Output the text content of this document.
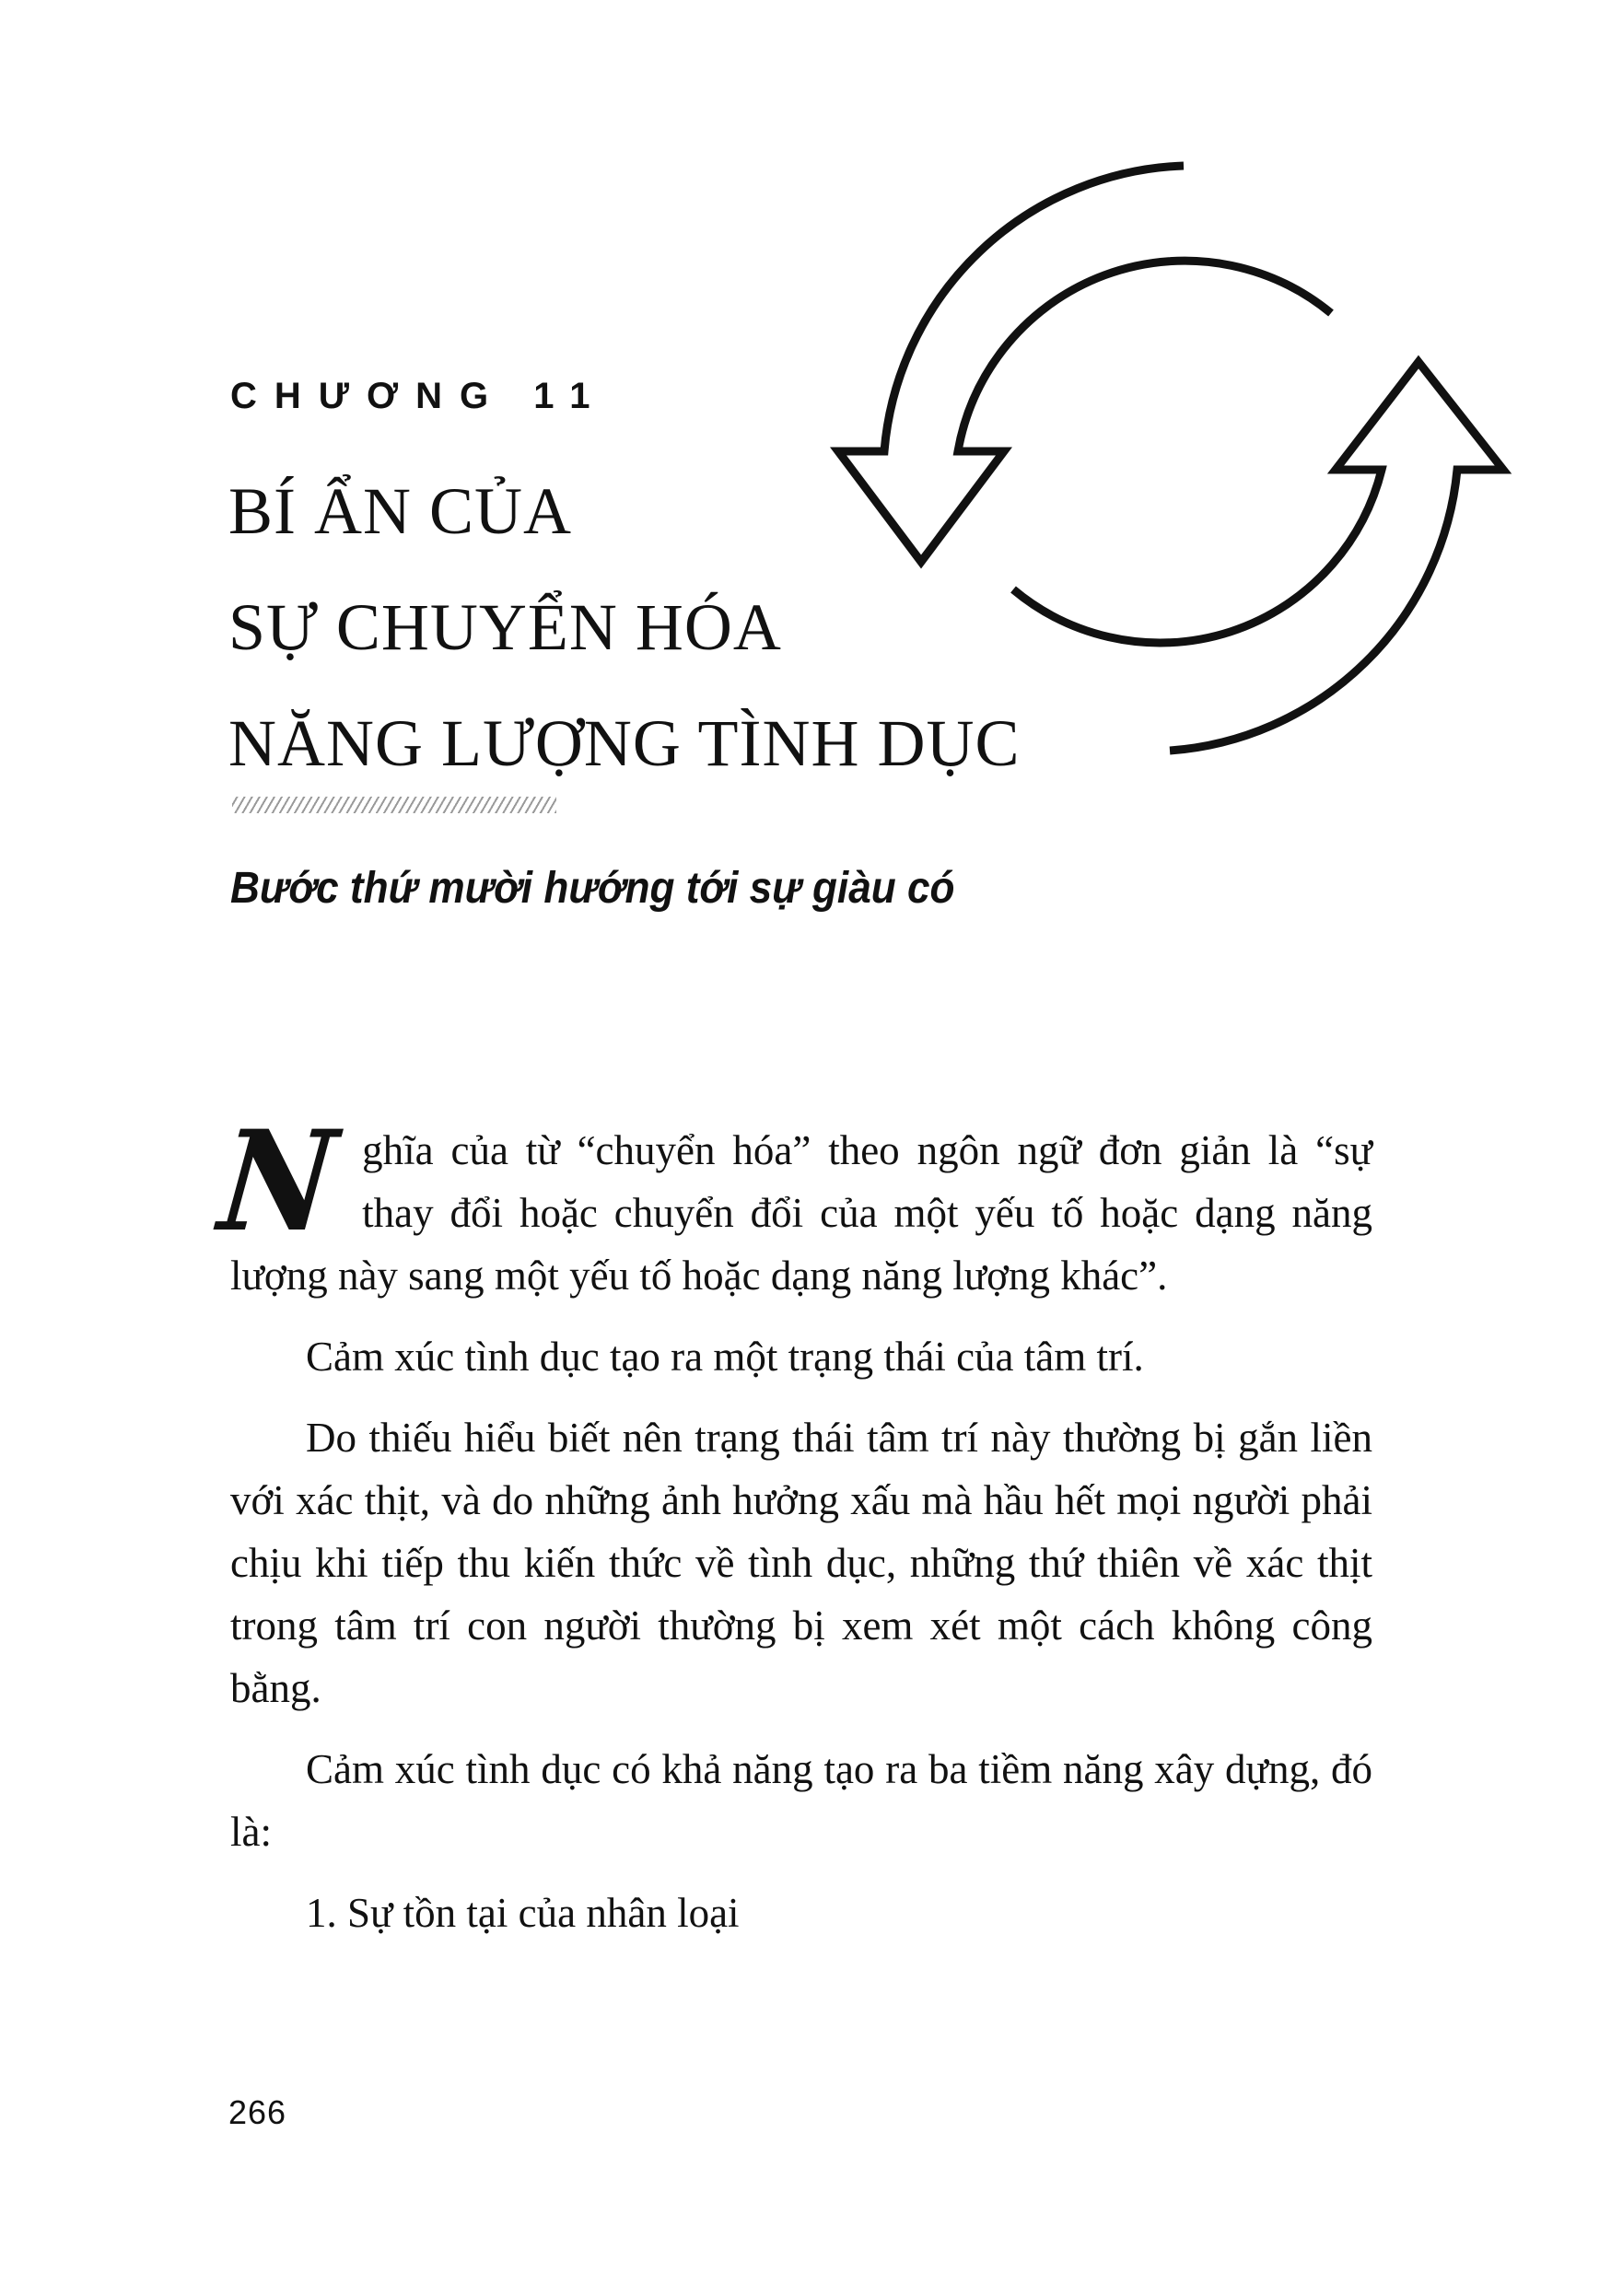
CHƯƠNG 11
BÍ ẨN CỦA
SỰ CHUYỂN HÓA
NĂNG LƯỢNG TÌNH DỤC
Bước thứ mười hướng tới sự giàu có

Nghĩa của từ “chuyển hóa” theo ngôn ngữ đơn giản là “sự thay đổi hoặc chuyển đổi của một yếu tố hoặc dạng năng lượng này sang một yếu tố hoặc dạng năng lượng khác”.

Cảm xúc tình dục tạo ra một trạng thái của tâm trí.

Do thiếu hiểu biết nên trạng thái tâm trí này thường bị gắn liền với xác thịt, và do những ảnh hưởng xấu mà hầu hết mọi người phải chịu khi tiếp thu kiến thức về tình dục, những thứ thiên về xác thịt trong tâm trí con người thường bị xem xét một cách không công bằng.

Cảm xúc tình dục có khả năng tạo ra ba tiềm năng xây dựng, đó là:

1. Sự tồn tại của nhân loại

266
